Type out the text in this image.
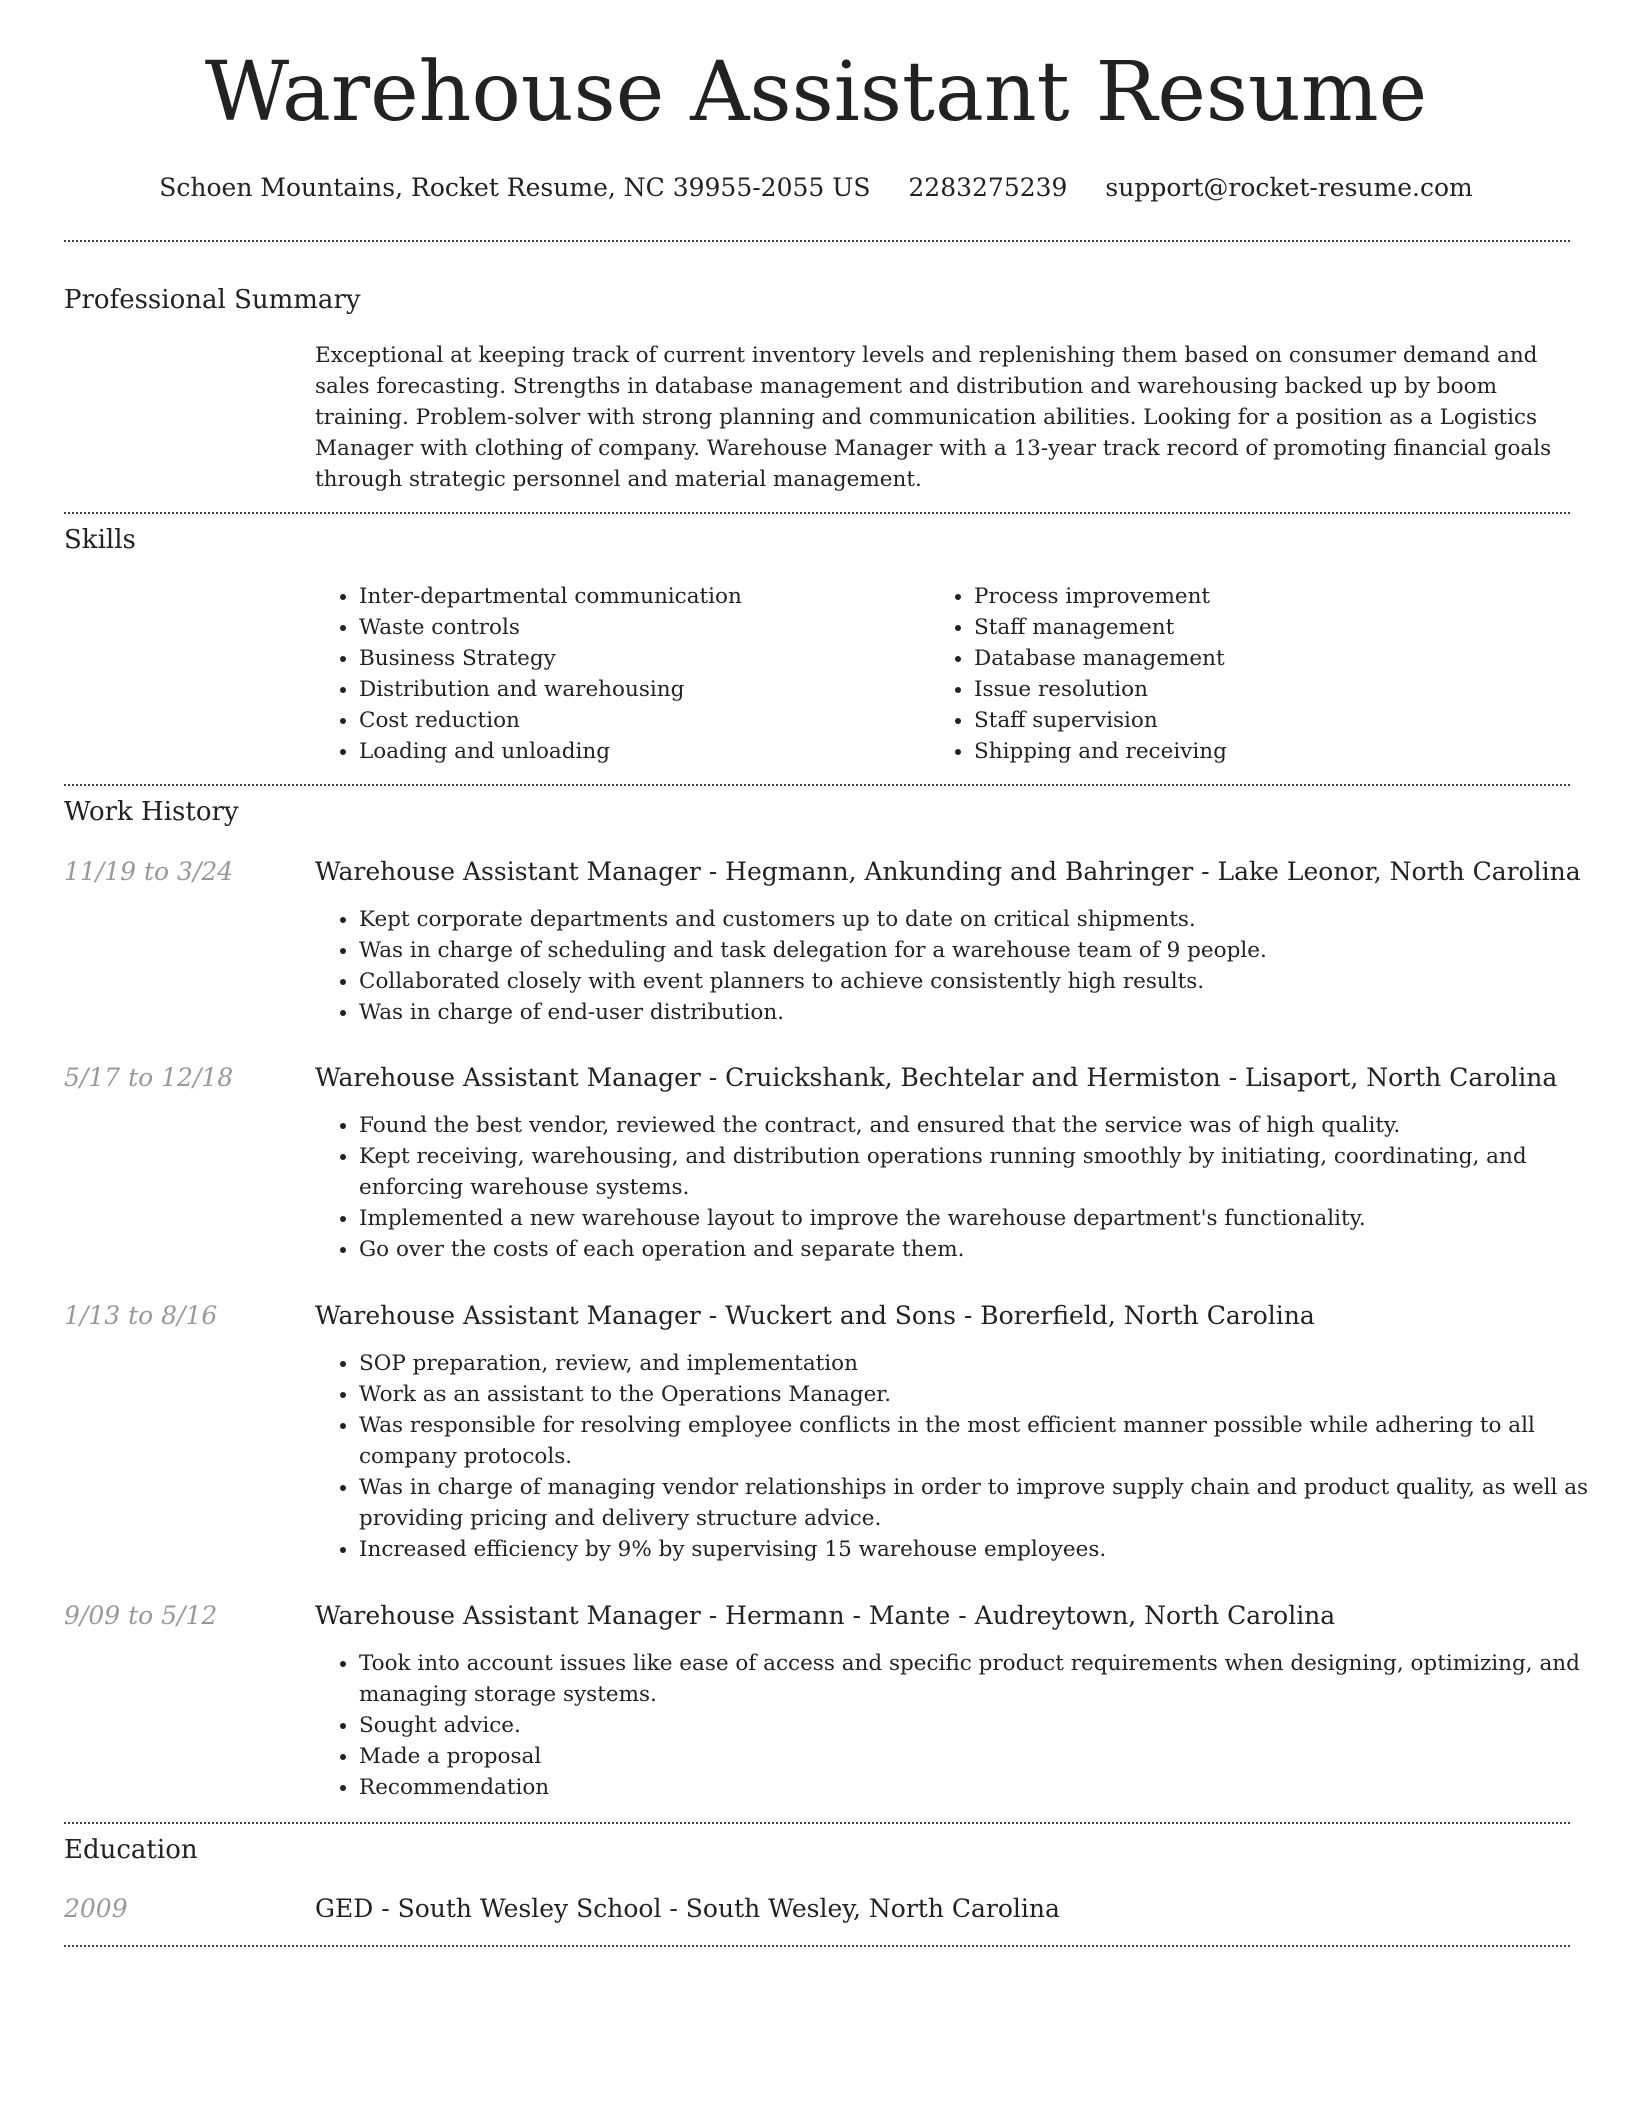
Warehouse Assistant Resume
Schoen Mountains, Rocket Resume, NC 39955-2055 US 2283275239 support@rocket-resume.com
Professional Summary

Exceptional at keeping track of current inventory levels and replenishing them based on consumer demand and sales forecasting. Strengths in database management and distribution and warehousing backed up by boom training. Problem-solver with strong planning and communication abilities. Looking for a position as a Logistics Manager with clothing of company. Warehouse Manager with a 13-year track record of promoting financial goals through strategic personnel and material management.

Skills
• Inter-departmental communication
• Waste controls
• Business Strategy
• Distribution and warehousing
• Cost reduction
• Loading and unloading
• Process improvement
• Staff management
• Database management
• Issue resolution
• Staff supervision
• Shipping and receiving
Work History
11/19 to 3/24	Warehouse Assistant Manager - Hegmann, Ankunding and Bahringer - Lake Leonor, North Carolina
• Kept corporate departments and customers up to date on critical shipments.
• Was in charge of scheduling and task delegation for a warehouse team of 9 people.
• Collaborated closely with event planners to achieve consistently high results.
• Was in charge of end-user distribution.
5/17 to 12/18	Warehouse Assistant Manager - Cruickshank, Bechtelar and Hermiston - Lisaport, North Carolina
• Found the best vendor, reviewed the contract, and ensured that the service was of high quality.
• Kept receiving, warehousing, and distribution operations running smoothly by initiating, coordinating, and enforcing warehouse systems.
• Implemented a new warehouse layout to improve the warehouse department's functionality.
• Go over the costs of each operation and separate them.
1/13 to 8/16	Warehouse Assistant Manager - Wuckert and Sons - Borerfield, North Carolina
• SOP preparation, review, and implementation
• Work as an assistant to the Operations Manager.
• Was responsible for resolving employee conflicts in the most efficient manner possible while adhering to all company protocols.
• Was in charge of managing vendor relationships in order to improve supply chain and product quality, as well as providing pricing and delivery structure advice.
• Increased efficiency by 9% by supervising 15 warehouse employees.
9/09 to 5/12	Warehouse Assistant Manager - Hermann - Mante - Audreytown, North Carolina
• Took into account issues like ease of access and specific product requirements when designing, optimizing, and managing storage systems.
• Sought advice.
• Made a proposal
• Recommendation
Education
2009	GED - South Wesley School - South Wesley, North Carolina
